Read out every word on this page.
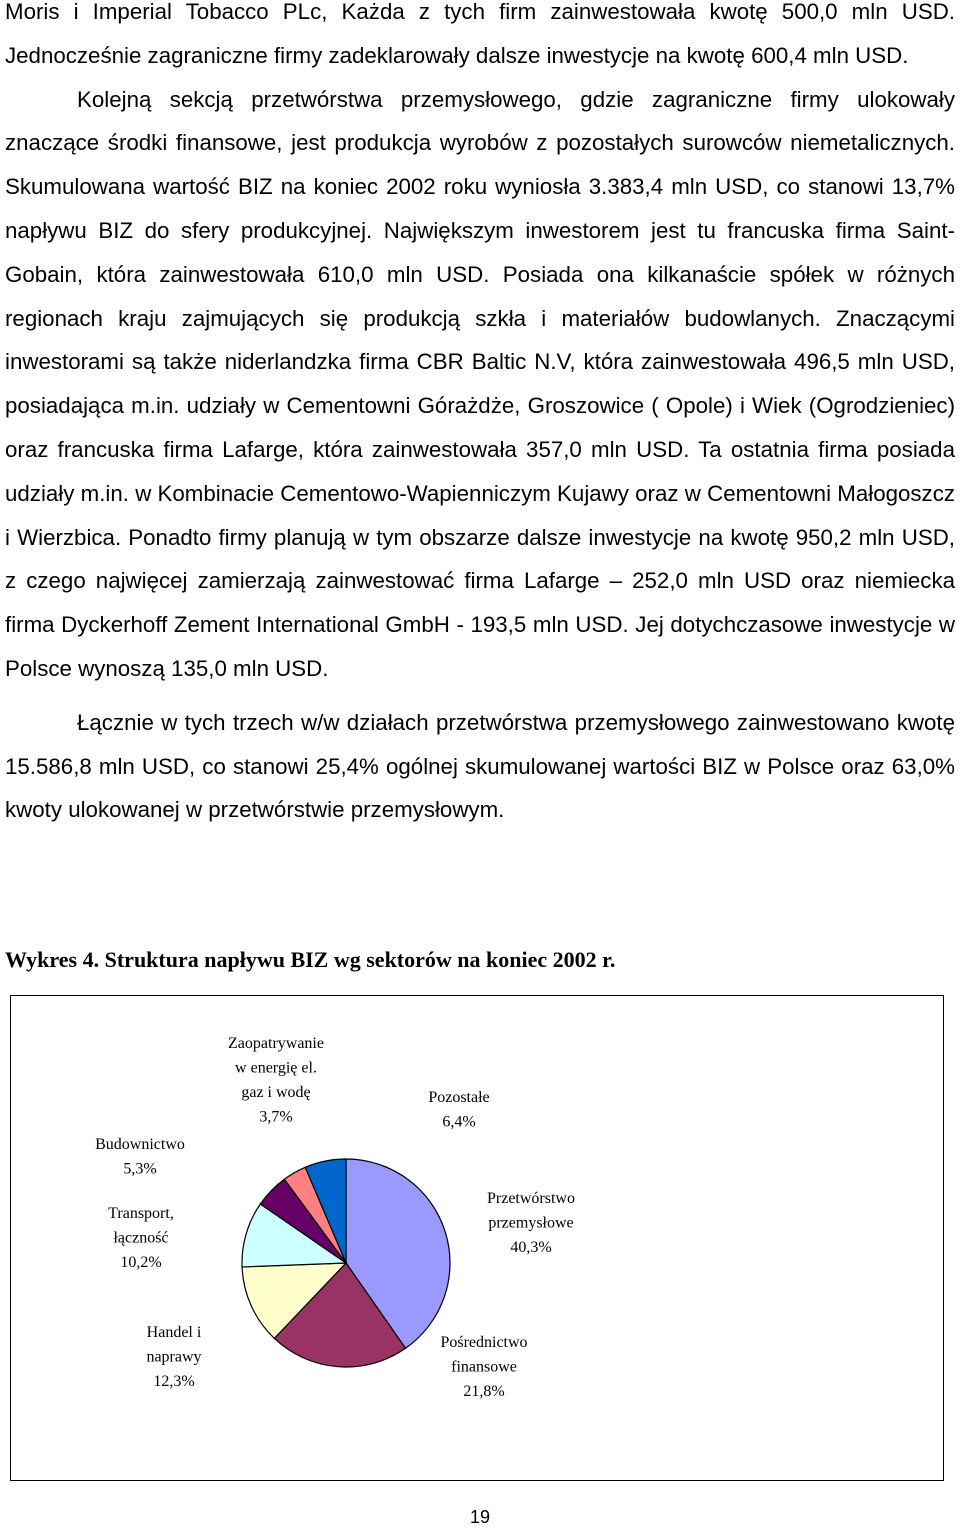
Moris i Imperial Tobacco PLc, Każda z tych firm zainwestowała kwotę 500,0 mln USD. Jednocześnie zagraniczne firmy zadeklarowały dalsze inwestycje na kwotę 600,4 mln USD.

Kolejną sekcją przetwórstwa przemysłowego, gdzie zagraniczne firmy ulokowały znaczące środki finansowe, jest produkcja wyrobów z pozostałych surowców niemetalicznych. Skumulowana wartość BIZ na koniec 2002 roku wyniosła 3.383,4 mln USD, co stanowi 13,7% napływu BIZ do sfery produkcyjnej. Największym inwestorem jest tu francuska firma Saint-Gobain, która zainwestowała 610,0 mln USD. Posiada ona kilkanaście spółek w różnych regionach kraju zajmujących się produkcją szkła i materiałów budowlanych. Znaczącymi inwestorami są także niderlandzka firma CBR Baltic N.V, która zainwestowała 496,5 mln USD, posiadająca m.in. udziały w Cementowni Górażdże, Groszowice ( Opole) i Wiek (Ogrodzieniec) oraz francuska firma Lafarge, która zainwestowała 357,0 mln USD. Ta ostatnia firma posiada udziały m.in. w Kombinacie Cementowo-Wapienniczym Kujawy oraz w Cementowni Małogoszcz i Wierzbica. Ponadto firmy planują w tym obszarze dalsze inwestycje na kwotę 950,2 mln USD, z czego najwięcej zamierzają zainwestować firma Lafarge – 252,0 mln USD oraz niemiecka firma Dyckerhoff Zement International GmbH - 193,5 mln USD. Jej dotychczasowe inwestycje w Polsce wynoszą 135,0 mln USD.

Łącznie w tych trzech w/w działach przetwórstwa przemysłowego zainwestowano kwotę 15.586,8 mln USD, co stanowi 25,4% ogólnej skumulowanej wartości BIZ w Polsce oraz 63,0% kwoty ulokowanej w przetwórstwie przemysłowym.

Wykres 4. Struktura napływu BIZ wg sektorów na koniec 2002 r.
Przetwórstwo przemysłowe 40,3%
Pośrednictwo finansowe 21,8%
Handel i naprawy 12,3%
Transport, łączność 10,2%
Budownictwo 5,3%
Zaopatrywanie w energię el. gaz i wodę 3,7%
Pozostałe 6,4%
19
